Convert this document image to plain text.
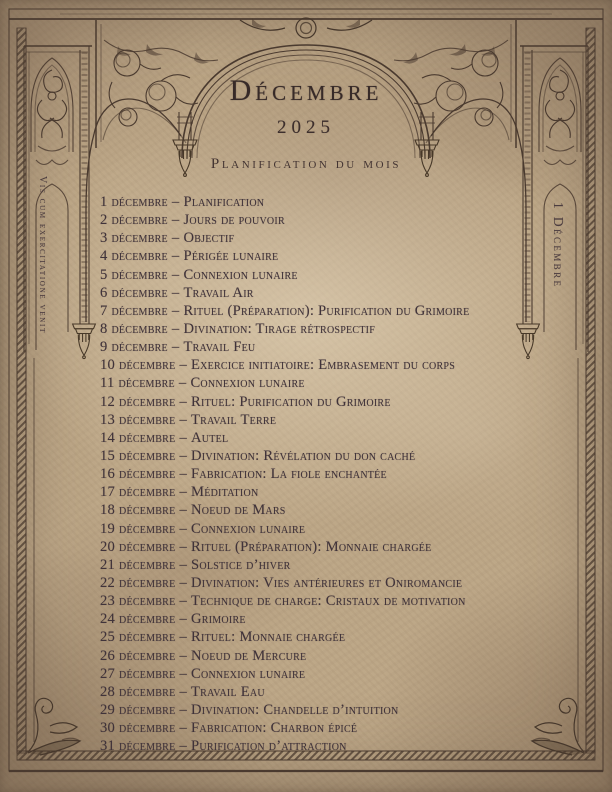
Vis cum exercitatione venit	1 Décembre
Décembre
2025
Planification du mois
1 décembre – Planification
2 décembre – Jours de pouvoir
3 décembre – Objectif
4 décembre – Périgée lunaire
5 décembre – Connexion lunaire
6 décembre – Travail Air
7 décembre – Rituel (Préparation): Purification du Grimoire
8 décembre – Divination: Tirage rétrospectif
9 décembre – Travail Feu
10 décembre – Exercice initiatoire: Embrasement du corps
11 décembre – Connexion lunaire
12 décembre – Rituel: Purification du Grimoire
13 décembre – Travail Terre
14 décembre – Autel
15 décembre – Divination: Révélation du don caché
16 décembre – Fabrication: La fiole enchantée
17 décembre – Méditation
18 décembre – Noeud de Mars
19 décembre – Connexion lunaire
20 décembre – Rituel (Préparation): Monnaie chargée
21 décembre – Solstice d’hiver
22 décembre – Divination: Vies antérieures et Oniromancie
23 décembre – Technique de charge: Cristaux de motivation
24 décembre – Grimoire
25 décembre – Rituel: Monnaie chargée
26 décembre – Noeud de Mercure
27 décembre – Connexion lunaire
28 décembre – Travail Eau
29 décembre – Divination: Chandelle d’intuition
30 décembre – Fabrication: Charbon épicé
31 décembre – Purification d’attraction
